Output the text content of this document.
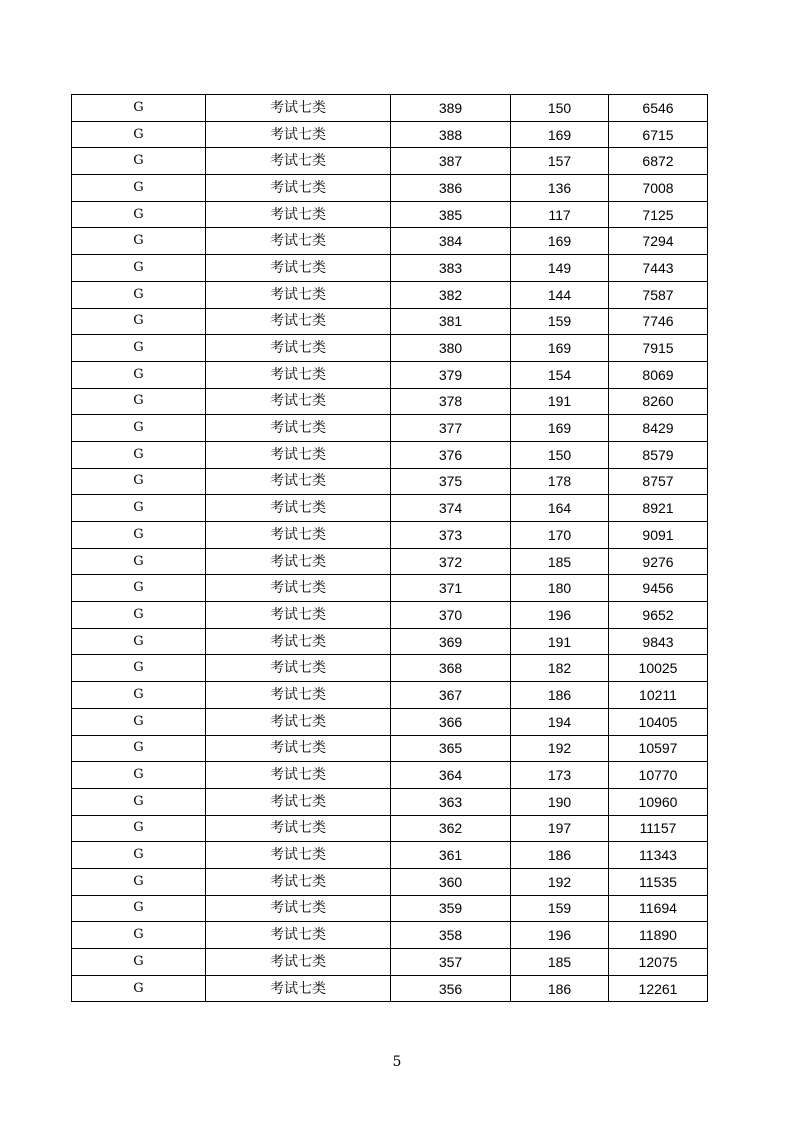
G	考试七类	389	150	6546
G	考试七类	388	169	6715
G	考试七类	387	157	6872
G	考试七类	386	136	7008
G	考试七类	385	117	7125
G	考试七类	384	169	7294
G	考试七类	383	149	7443
G	考试七类	382	144	7587
G	考试七类	381	159	7746
G	考试七类	380	169	7915
G	考试七类	379	154	8069
G	考试七类	378	191	8260
G	考试七类	377	169	8429
G	考试七类	376	150	8579
G	考试七类	375	178	8757
G	考试七类	374	164	8921
G	考试七类	373	170	9091
G	考试七类	372	185	9276
G	考试七类	371	180	9456
G	考试七类	370	196	9652
G	考试七类	369	191	9843
G	考试七类	368	182	10025
G	考试七类	367	186	10211
G	考试七类	366	194	10405
G	考试七类	365	192	10597
G	考试七类	364	173	10770
G	考试七类	363	190	10960
G	考试七类	362	197	11157
G	考试七类	361	186	11343
G	考试七类	360	192	11535
G	考试七类	359	159	11694
G	考试七类	358	196	11890
G	考试七类	357	185	12075
G	考试七类	356	186	12261
5
